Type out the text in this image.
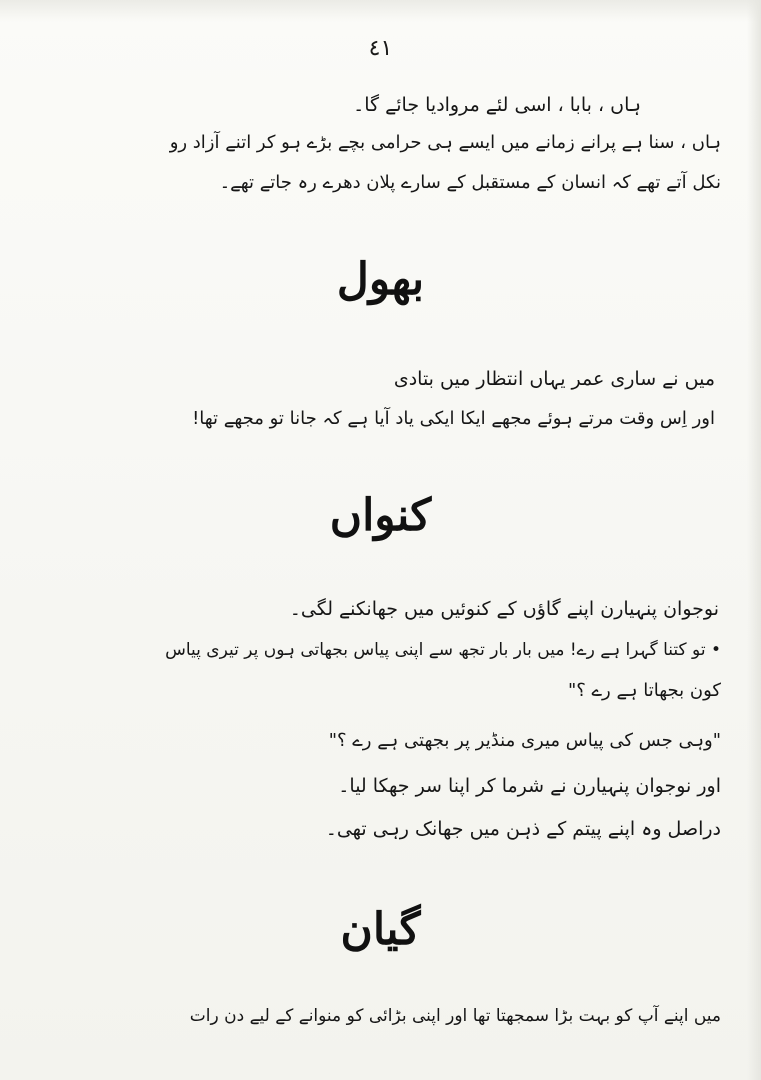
٤١
ہاں ، بابا ، اسی لئے مروادیا جائے گا۔
ہاں ، سنا ہے پرانے زمانے میں ایسے ہی حرامی بچے بڑے ہو کر اتنے آزاد رو
نکل آتے تھے کہ انسان کے مستقبل کے سارے پلان دھرے رہ جاتے تھے۔
بھول
میں نے ساری عمر یہاں انتظار میں بتادی
اور اِس وقت مرتے ہوئے مجھے ایکا ایکی یاد آیا ہے کہ جانا تو مجھے تھا!
کنواں
نوجوان پنہیارن اپنے گاؤں کے کنوئیں میں جھانکنے لگی۔
• تو کتنا گہرا ہے رے! میں بار بار تجھ سے اپنی پیاس بجھاتی ہوں پر تیری پیاس
کون بجھاتا ہے رے ؟"
"وہی جس کی پیاس میری منڈیر پر بجھتی ہے رے ؟"
اور نوجوان پنہیارن نے شرما کر اپنا سر جھکا لیا۔
دراصل وہ اپنے پیتم کے ذہن میں جھانک رہی تھی۔
گیان
میں اپنے آپ کو بہت بڑا سمجھتا تھا اور اپنی بڑائی کو منوانے کے لیے دن رات
